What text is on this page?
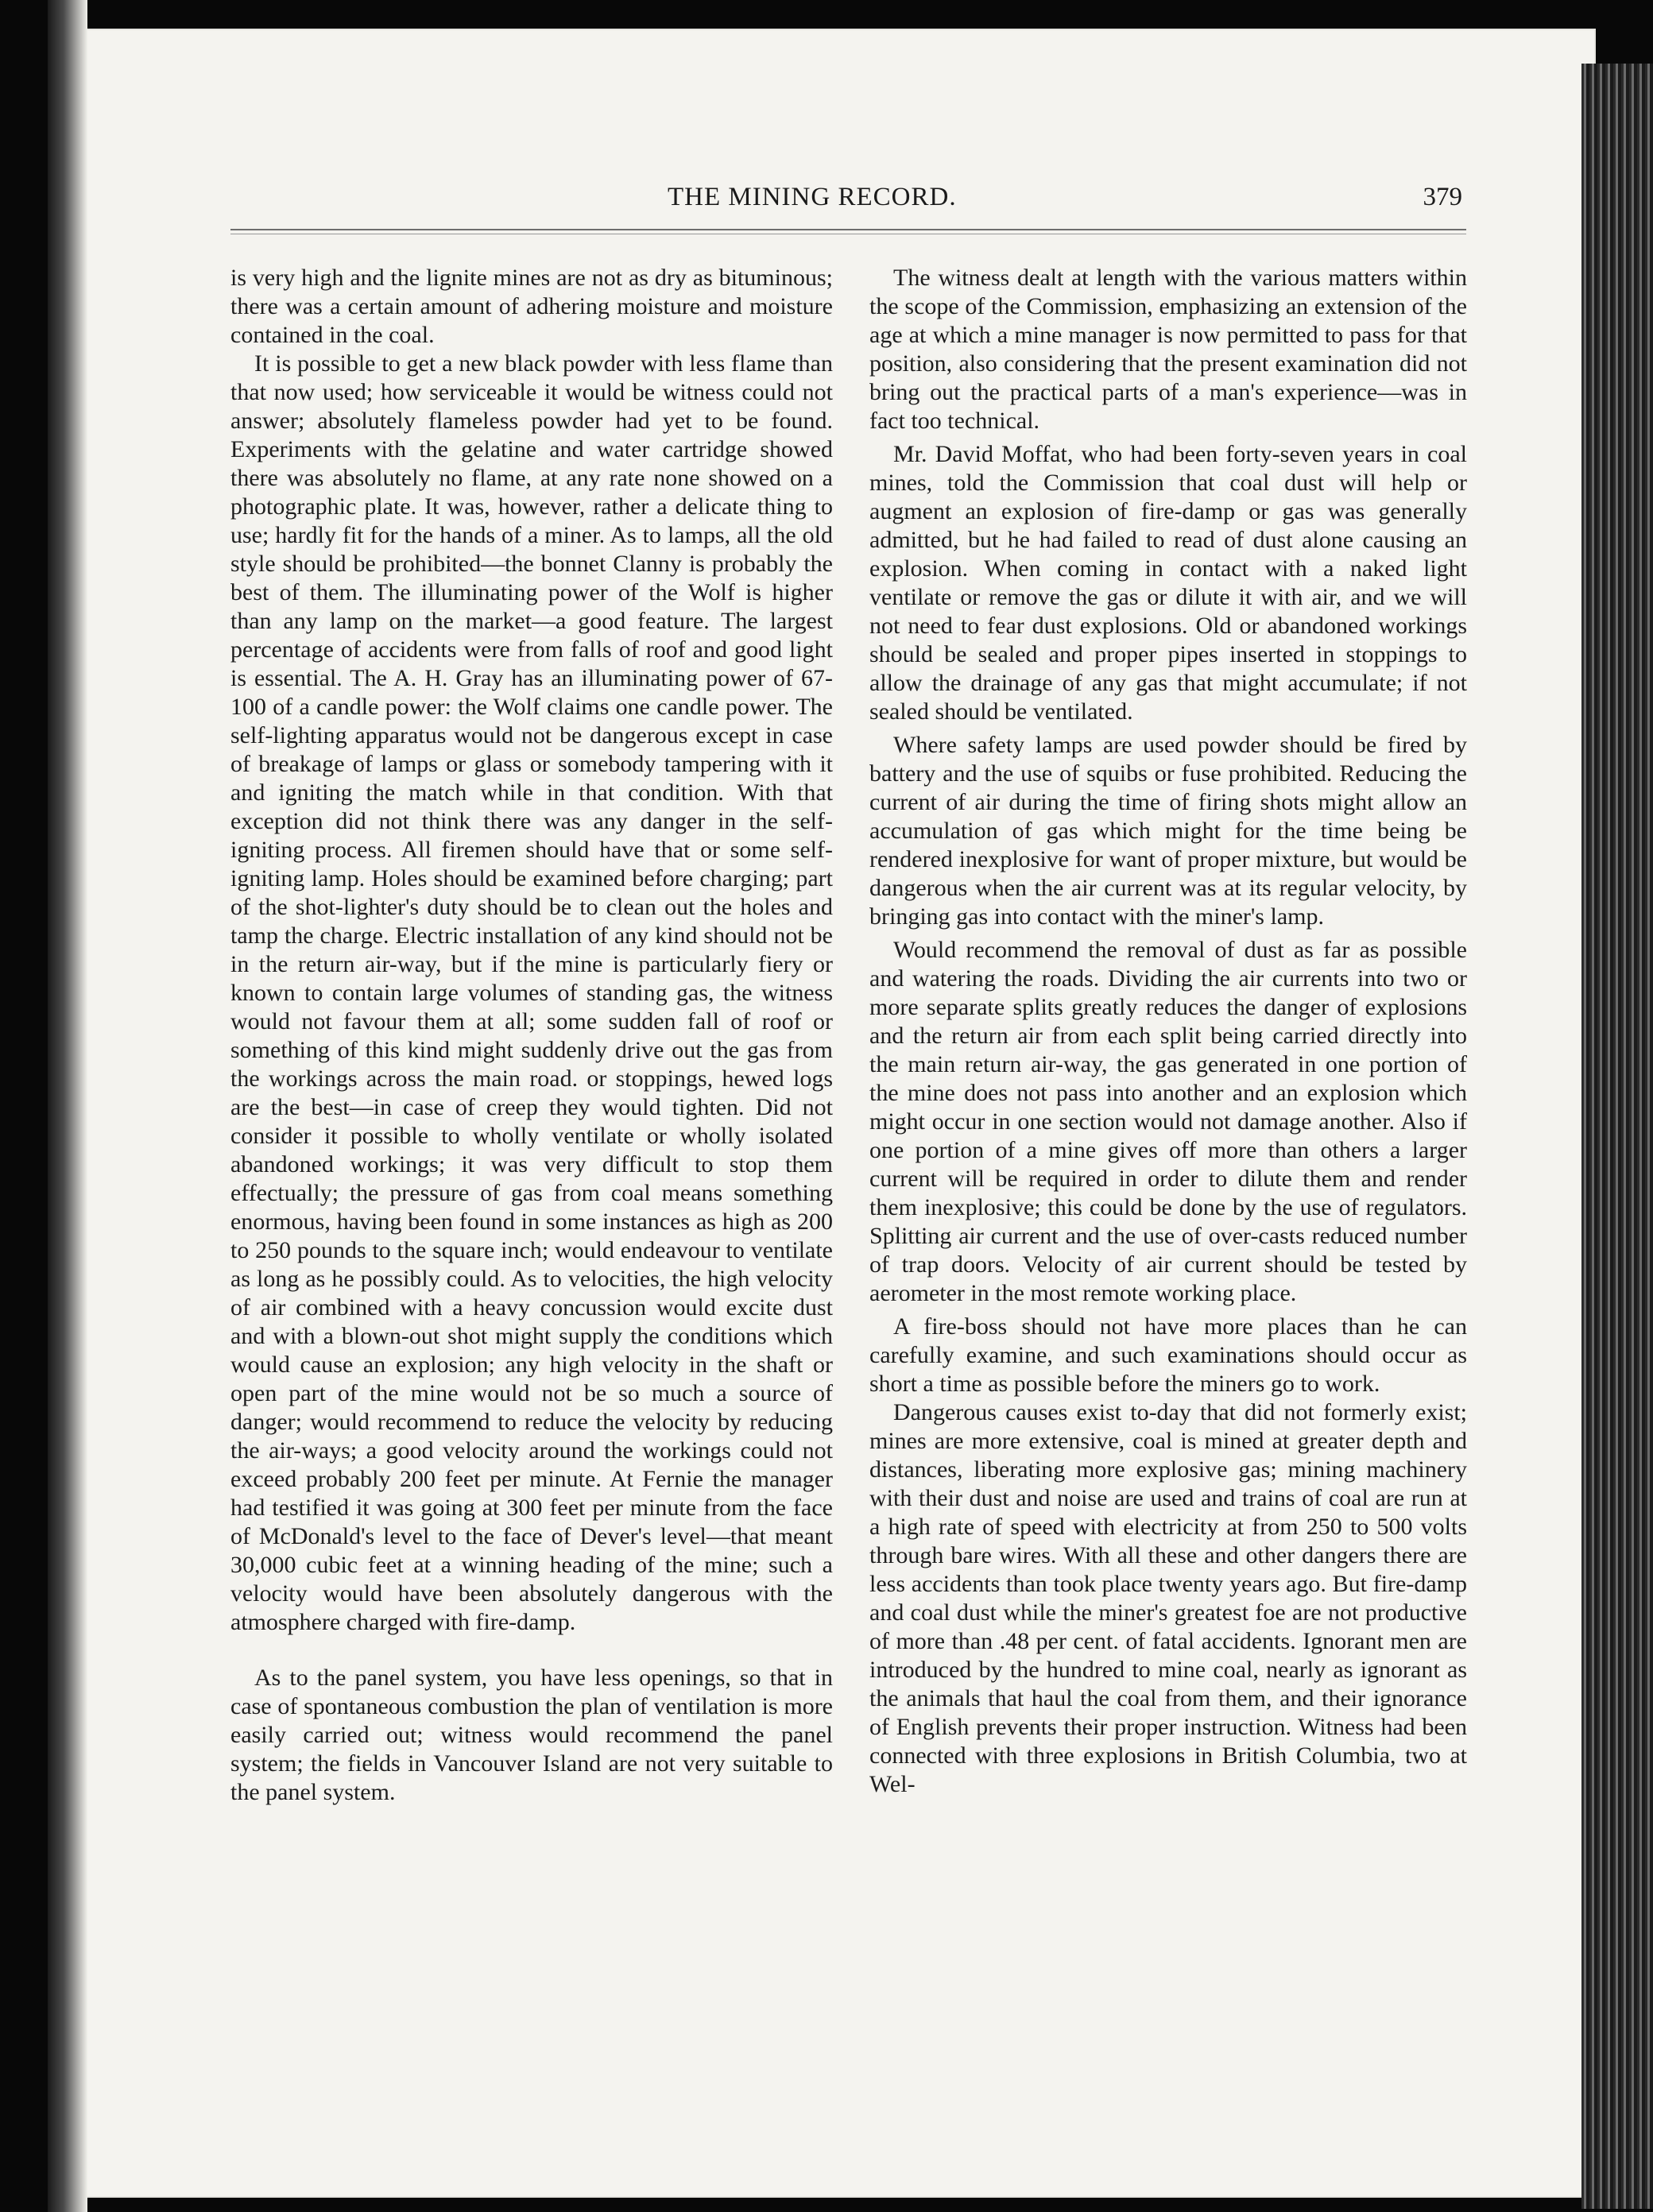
THE MINING RECORD.	379

is very high and the lignite mines are not as dry as bituminous; there was a certain amount of adhering moisture and moisture contained in the coal.

It is possible to get a new black powder with less flame than that now used; how serviceable it would be witness could not answer; absolutely flameless powder had yet to be found. Experiments with the gelatine and water cartridge showed there was absolutely no flame, at any rate none showed on a photographic plate. It was, however, rather a delicate thing to use; hardly fit for the hands of a miner. As to lamps, all the old style should be prohibited—the bonnet Clanny is probably the best of them. The illuminating power of the Wolf is higher than any lamp on the market—a good feature. The largest percentage of accidents were from falls of roof and good light is essential. The A. H. Gray has an illuminating power of 67-100 of a candle power: the Wolf claims one candle power. The self-lighting apparatus would not be dangerous except in case of breakage of lamps or glass or somebody tampering with it and igniting the match while in that condition. With that exception did not think there was any danger in the self-igniting process. All firemen should have that or some self-igniting lamp. Holes should be examined before charging; part of the shot-lighter's duty should be to clean out the holes and tamp the charge. Electric installation of any kind should not be in the return air-way, but if the mine is particularly fiery or known to contain large volumes of standing gas, the witness would not favour them at all; some sudden fall of roof or something of this kind might suddenly drive out the gas from the workings across the main road. or stoppings, hewed logs are the best—in case of creep they would tighten. Did not consider it possible to wholly ventilate or wholly isolated abandoned workings; it was very difficult to stop them effectually; the pressure of gas from coal means something enormous, having been found in some instances as high as 200 to 250 pounds to the square inch; would endeavour to ventilate as long as he possibly could. As to velocities, the high velocity of air combined with a heavy concussion would excite dust and with a blown-out shot might supply the conditions which would cause an explosion; any high velocity in the shaft or open part of the mine would not be so much a source of danger; would recommend to reduce the velocity by reducing the air-ways; a good velocity around the workings could not exceed probably 200 feet per minute. At Fernie the manager had testified it was going at 300 feet per minute from the face of McDonald's level to the face of Dever's level—that meant 30,000 cubic feet at a winning heading of the mine; such a velocity would have been absolutely dangerous with the atmosphere charged with fire-damp.

As to the panel system, you have less openings, so that in case of spontaneous combustion the plan of ventilation is more easily carried out; witness would recommend the panel system; the fields in Vancouver Island are not very suitable to the panel system.

The witness dealt at length with the various matters within the scope of the Commission, emphasizing an extension of the age at which a mine manager is now permitted to pass for that position, also considering that the present examination did not bring out the practical parts of a man's experience—was in fact too technical.

Mr. David Moffat, who had been forty-seven years in coal mines, told the Commission that coal dust will help or augment an explosion of fire-damp or gas was generally admitted, but he had failed to read of dust alone causing an explosion. When coming in contact with a naked light ventilate or remove the gas or dilute it with air, and we will not need to fear dust explosions. Old or abandoned workings should be sealed and proper pipes inserted in stoppings to allow the drainage of any gas that might accumulate; if not sealed should be ventilated.

Where safety lamps are used powder should be fired by battery and the use of squibs or fuse prohibited. Reducing the current of air during the time of firing shots might allow an accumulation of gas which might for the time being be rendered inexplosive for want of proper mixture, but would be dangerous when the air current was at its regular velocity, by bringing gas into contact with the miner's lamp.

Would recommend the removal of dust as far as possible and watering the roads. Dividing the air currents into two or more separate splits greatly reduces the danger of explosions and the return air from each split being carried directly into the main return air-way, the gas generated in one portion of the mine does not pass into another and an explosion which might occur in one section would not damage another. Also if one portion of a mine gives off more than others a larger current will be required in order to dilute them and render them inexplosive; this could be done by the use of regulators. Splitting air current and the use of over-casts reduced number of trap doors. Velocity of air current should be tested by aerometer in the most remote working place.

A fire-boss should not have more places than he can carefully examine, and such examinations should occur as short a time as possible before the miners go to work.

Dangerous causes exist to-day that did not formerly exist; mines are more extensive, coal is mined at greater depth and distances, liberating more explosive gas; mining machinery with their dust and noise are used and trains of coal are run at a high rate of speed with electricity at from 250 to 500 volts through bare wires. With all these and other dangers there are less accidents than took place twenty years ago. But fire-damp and coal dust while the miner's greatest foe are not productive of more than .48 per cent. of fatal accidents. Ignorant men are introduced by the hundred to mine coal, nearly as ignorant as the animals that haul the coal from them, and their ignorance of English prevents their proper instruction. Witness had been connected with three explosions in British Columbia, two at Wel-
